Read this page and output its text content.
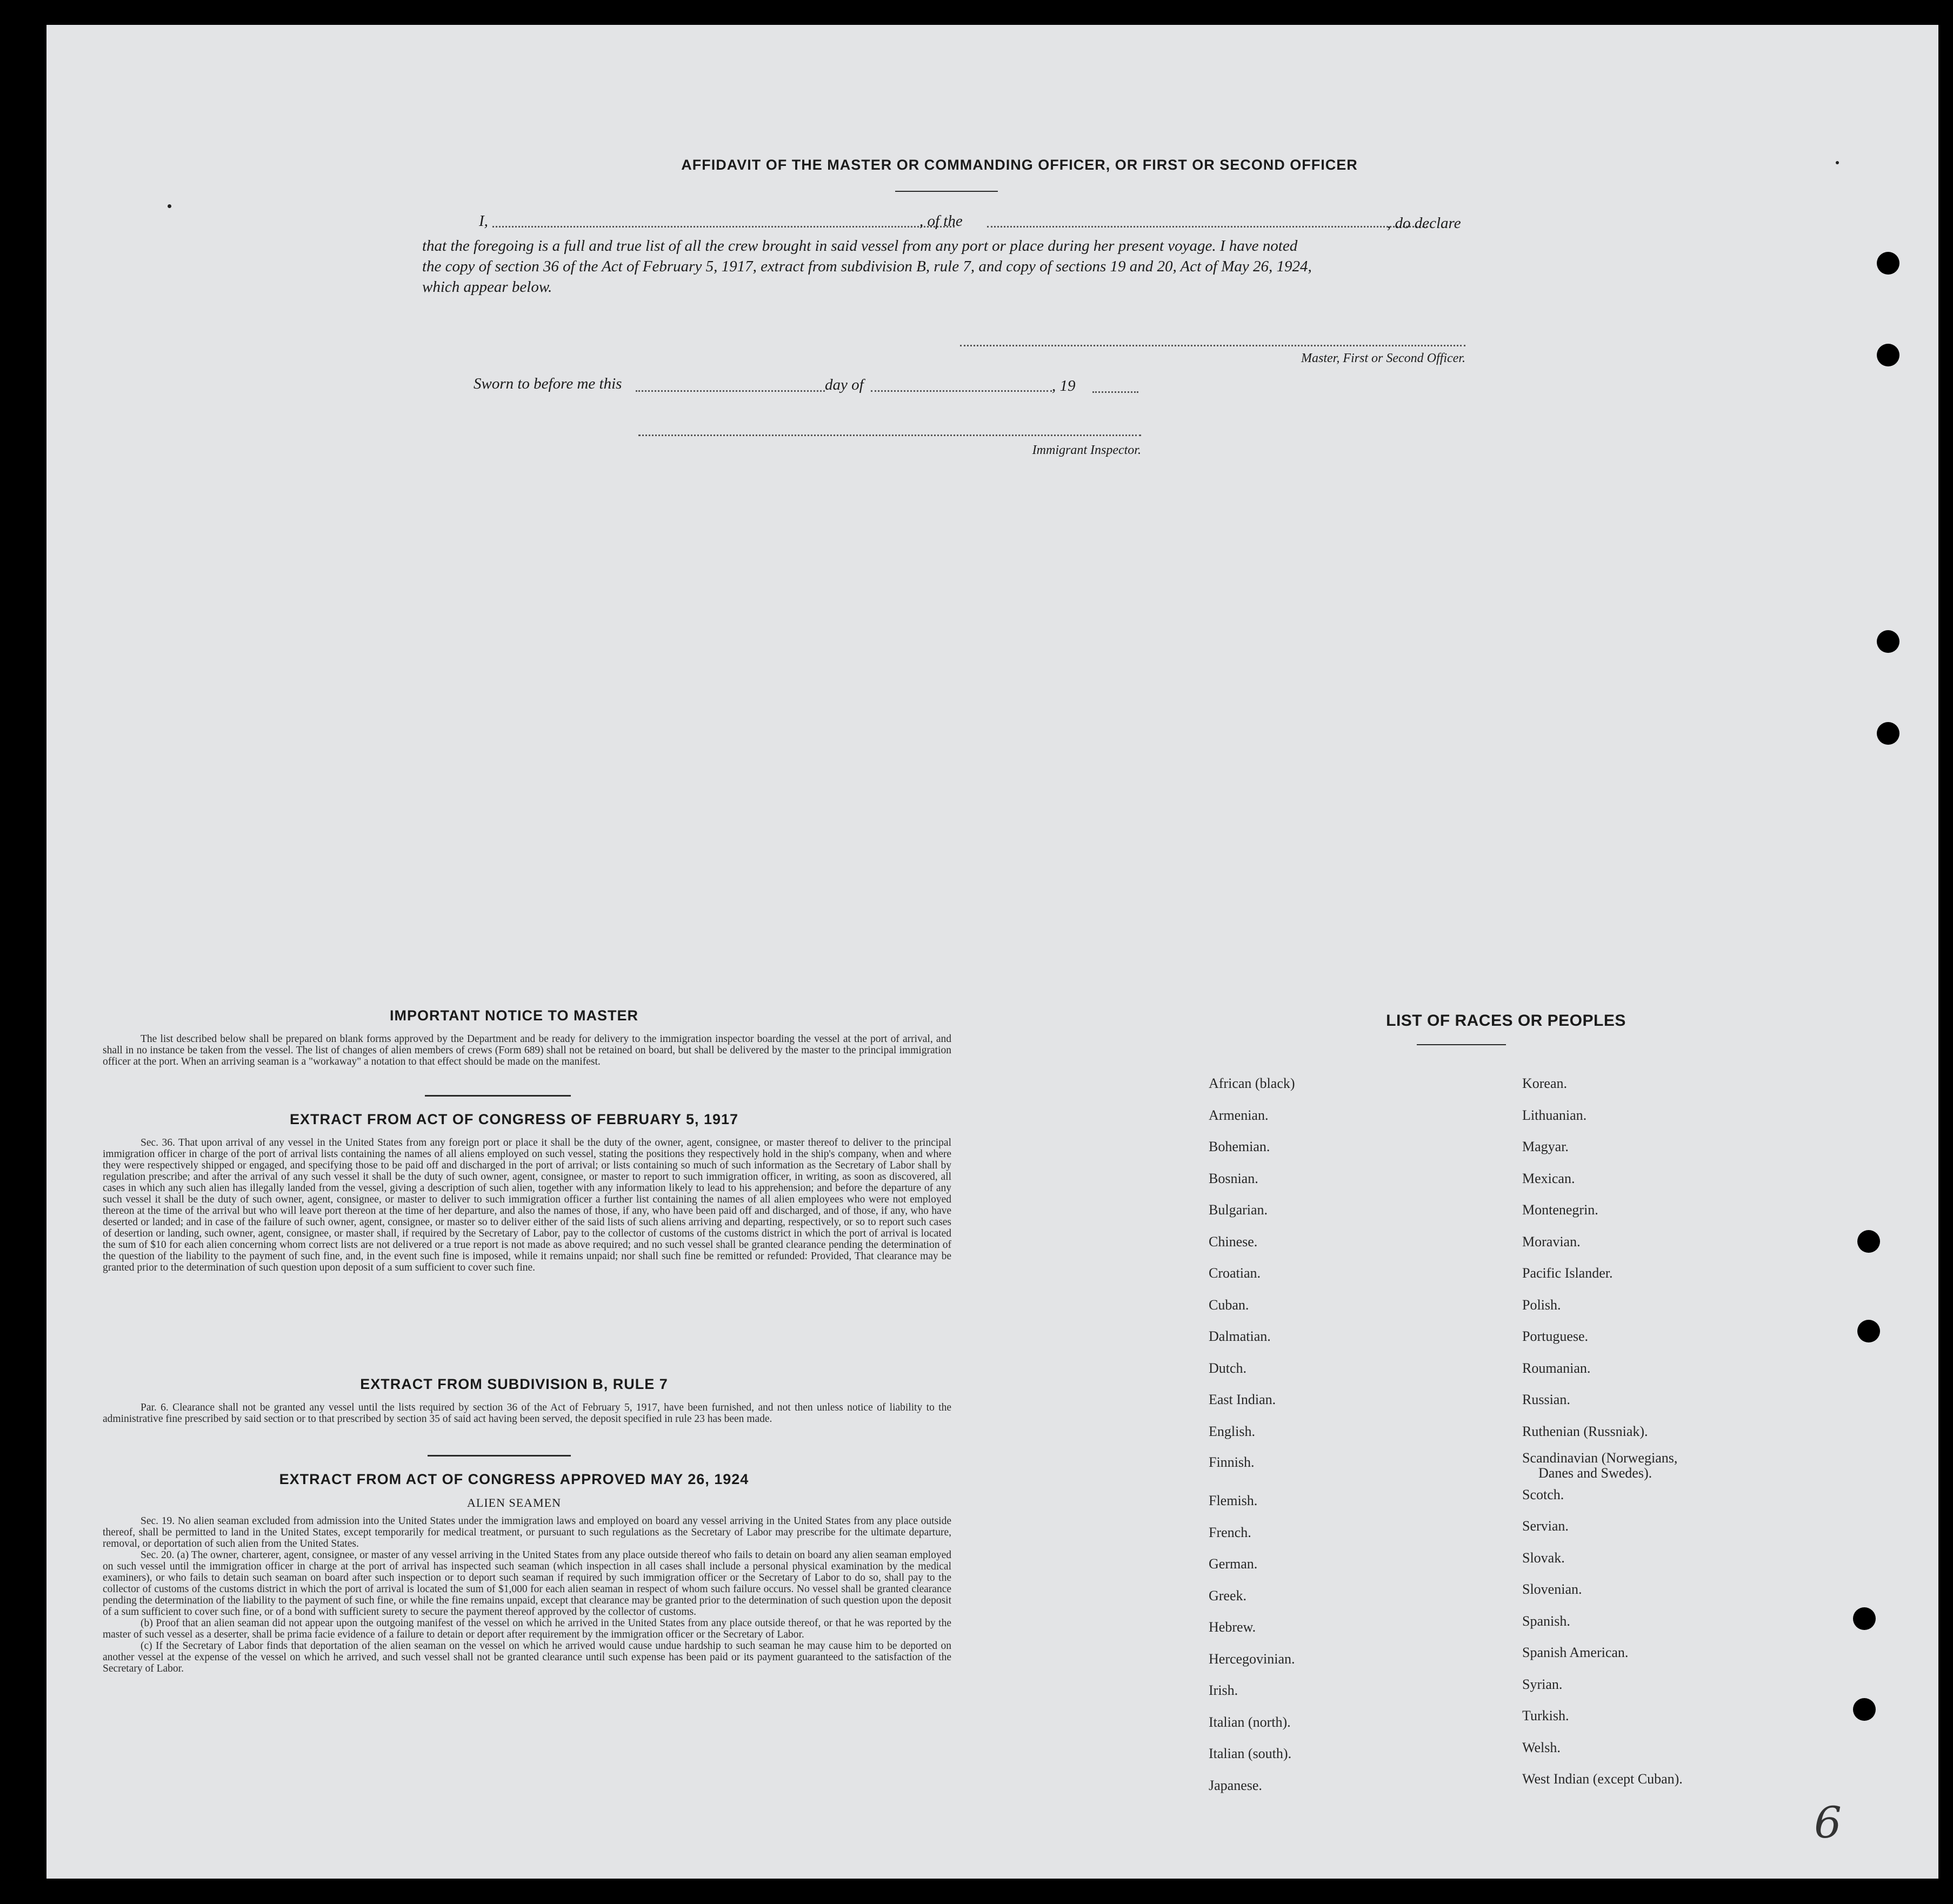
AFFIDAVIT OF THE MASTER OR COMMANDING OFFICER, OR FIRST OR SECOND OFFICER
I,	, of the	, do declare
that the foregoing is a full and true list of all the crew brought in said vessel from any port or place during her present voyage. I have noted
the copy of section 36 of the Act of February 5, 1917, extract from subdivision B, rule 7, and copy of sections 19 and 20, Act of May 26, 1924,
which appear below.
Master, First or Second Officer.
Sworn to before me this	day of	, 19
Immigrant Inspector.
IMPORTANT NOTICE TO MASTER

The list described below shall be prepared on blank forms approved by the Department and be ready for delivery to the immigration inspector boarding the vessel at the port of arrival, and shall in no instance be taken from the vessel. The list of changes of alien members of crews (Form 689) shall not be retained on board, but shall be delivered by the master to the principal immigration officer at the port. When an arriving seaman is a "workaway" a notation to that effect should be made on the manifest.

EXTRACT FROM ACT OF CONGRESS OF FEBRUARY 5, 1917

Sec. 36. That upon arrival of any vessel in the United States from any foreign port or place it shall be the duty of the owner, agent, consignee, or master thereof to deliver to the principal immigration officer in charge of the port of arrival lists containing the names of all aliens employed on such vessel, stating the positions they respectively hold in the ship's company, when and where they were respectively shipped or engaged, and specifying those to be paid off and discharged in the port of arrival; or lists containing so much of such information as the Secretary of Labor shall by regulation prescribe; and after the arrival of any such vessel it shall be the duty of such owner, agent, consignee, or master to report to such immigration officer, in writing, as soon as discovered, all cases in which any such alien has illegally landed from the vessel, giving a description of such alien, together with any information likely to lead to his apprehension; and before the departure of any such vessel it shall be the duty of such owner, agent, consignee, or master to deliver to such immigration officer a further list containing the names of all alien employees who were not employed thereon at the time of the arrival but who will leave port thereon at the time of her departure, and also the names of those, if any, who have been paid off and discharged, and of those, if any, who have deserted or landed; and in case of the failure of such owner, agent, consignee, or master so to deliver either of the said lists of such aliens arriving and departing, respectively, or so to report such cases of desertion or landing, such owner, agent, consignee, or master shall, if required by the Secretary of Labor, pay to the collector of customs of the customs district in which the port of arrival is located the sum of $10 for each alien concerning whom correct lists are not delivered or a true report is not made as above required; and no such vessel shall be granted clearance pending the determination of the question of the liability to the payment of such fine, and, in the event such fine is imposed, while it remains unpaid; nor shall such fine be remitted or refunded: Provided, That clearance may be granted prior to the determination of such question upon deposit of a sum sufficient to cover such fine.

EXTRACT FROM SUBDIVISION B, RULE 7

Par. 6. Clearance shall not be granted any vessel until the lists required by section 36 of the Act of February 5, 1917, have been furnished, and not then unless notice of liability to the administrative fine prescribed by said section or to that prescribed by section 35 of said act having been served, the deposit specified in rule 23 has been made.

EXTRACT FROM ACT OF CONGRESS APPROVED MAY 26, 1924
ALIEN SEAMEN

Sec. 19. No alien seaman excluded from admission into the United States under the immigration laws and employed on board any vessel arriving in the United States from any place outside thereof, shall be permitted to land in the United States, except temporarily for medical treatment, or pursuant to such regulations as the Secretary of Labor may prescribe for the ultimate departure, removal, or deportation of such alien from the United States.

Sec. 20. (a) The owner, charterer, agent, consignee, or master of any vessel arriving in the United States from any place outside thereof who fails to detain on board any alien seaman employed on such vessel until the immigration officer in charge at the port of arrival has inspected such seaman (which inspection in all cases shall include a personal physical examination by the medical examiners), or who fails to detain such seaman on board after such inspection or to deport such seaman if required by such immigration officer or the Secretary of Labor to do so, shall pay to the collector of customs of the customs district in which the port of arrival is located the sum of $1,000 for each alien seaman in respect of whom such failure occurs. No vessel shall be granted clearance pending the determination of the liability to the payment of such fine, or while the fine remains unpaid, except that clearance may be granted prior to the determination of such question upon the deposit of a sum sufficient to cover such fine, or of a bond with sufficient surety to secure the payment thereof approved by the collector of customs.

(b) Proof that an alien seaman did not appear upon the outgoing manifest of the vessel on which he arrived in the United States from any place outside thereof, or that he was reported by the master of such vessel as a deserter, shall be prima facie evidence of a failure to detain or deport after requirement by the immigration officer or the Secretary of Labor.

(c) If the Secretary of Labor finds that deportation of the alien seaman on the vessel on which he arrived would cause undue hardship to such seaman he may cause him to be deported on another vessel at the expense of the vessel on which he arrived, and such vessel shall not be granted clearance until such expense has been paid or its payment guaranteed to the satisfaction of the Secretary of Labor.

LIST OF RACES OR PEOPLES
African (black)
Armenian.
Bohemian.
Bosnian.
Bulgarian.
Chinese.
Croatian.
Cuban.
Dalmatian.
Dutch.
East Indian.
English.
Finnish.
Flemish.
French.
German.
Greek.
Hebrew.
Hercegovinian.
Irish.
Italian (north).
Italian (south).
Japanese.
Korean.
Lithuanian.
Magyar.
Mexican.
Montenegrin.
Moravian.
Pacific Islander.
Polish.
Portuguese.
Roumanian.
Russian.
Ruthenian (Russniak).
Scandinavian (Norwegians,
Danes and Swedes).
Scotch.
Servian.
Slovak.
Slovenian.
Spanish.
Spanish American.
Syrian.
Turkish.
Welsh.
West Indian (except Cuban).
6
